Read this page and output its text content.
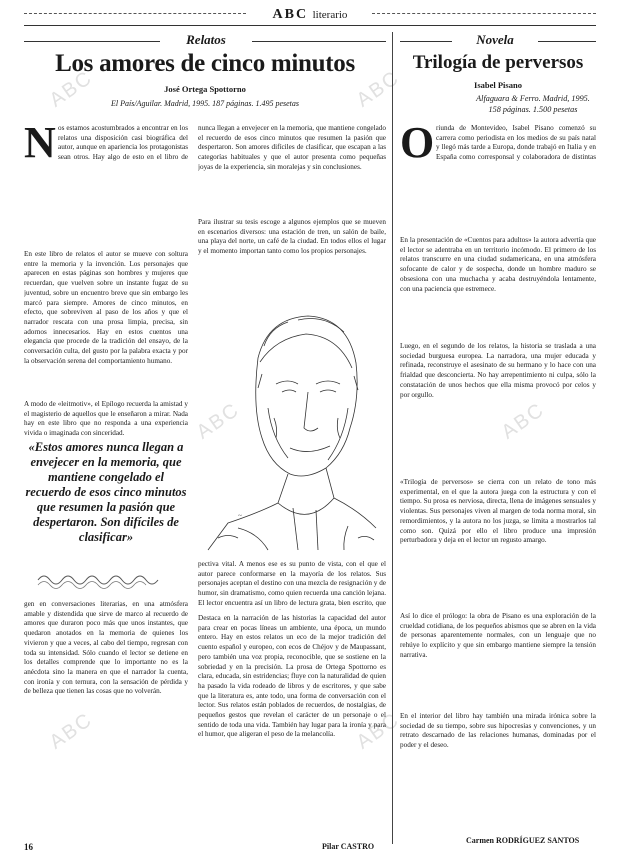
ABC	ABC
ABC	ABC
ABC	ABC
ABC literario
Relatos
Los amores de cinco minutos
José Ortega Spottorno
El País/Aguilar. Madrid, 1995. 187 páginas. 1.495 pesetas
N os estamos acostumbrados a encontrar en los relatos una disposición casi biográfica del autor, aunque en apariencia los protagonistas sean otros. Hay algo de esto en el libro de

En este libro de relatos el autor se mueve con soltura entre la memoria y la invención. Los personajes que aparecen en estas páginas son hombres y mujeres que recuerdan, que vuelven sobre un instante fugaz de su juventud, sobre un encuentro breve que sin embargo les marcó para siempre. Amores de cinco minutos, en efecto, que sobreviven al paso de los años y que el narrador rescata con una prosa limpia, precisa, sin adornos innecesarios. Hay en estos cuentos una elegancia que procede de la tradición del ensayo, de la conversación culta, del gusto por la palabra exacta y por la observación serena del comportamiento humano.

A modo de «leitmotiv», el Epílogo recuerda la amistad y el magisterio de aquellos que le enseñaron a mirar. Nada hay en este libro que no responda a una experiencia vivida o imaginada con sinceridad.

«Estos amores nunca llegan a envejecer en la memoria, que mantiene congelado el recuerdo de esos cinco minutos que resumen la pasión que despertaron. Son difíciles de clasificar»

gen en conversaciones literarias, en una atmósfera amable y distendida que sirve de marco al recuerdo de amores que duraron poco más que unos instantes, que quedaron anotados en la memoria de quienes los vivieron y que a veces, al cabo del tiempo, regresan con toda su intensidad. Sólo cuando el lector se detiene en los detalles comprende que lo importante no es la anécdota sino la manera en que el narrador la cuenta, con ironía y con ternura, con la sensación de pérdida y de belleza que tienen las cosas que no volverán.

nunca llegan a envejecer en la memoria, que mantiene congelado el recuerdo de esos cinco minutos que resumen la pasión que despertaron. Son amores difíciles de clasificar, que escapan a las categorías habituales y que el autor presenta como pequeñas joyas de la experiencia, sin moralejas y sin conclusiones.

Para ilustrar su tesis escoge a algunos ejemplos que se mueven en escenarios diversos: una estación de tren, un salón de baile, una playa del norte, un café de la ciudad. En todos ellos el lugar y el momento importan tanto como los propios personajes.

~

pectiva vital. A menos ese es su punto de vista, con el que el autor parece conformarse en la mayoría de los relatos. Sus personajes aceptan el destino con una mezcla de resignación y de humor, sin dramatismo, como quien recuerda una canción lejana. El lector encuentra así un libro de lectura grata, bien escrito, que

Destaca en la narración de las historias la capacidad del autor para crear en pocas líneas un ambiente, una época, un mundo entero. Hay en estos relatos un eco de la mejor tradición del cuento español y europeo, con ecos de Chéjov y de Maupassant, pero también una voz propia, reconocible, que se sostiene en la sobriedad y en la precisión. La prosa de Ortega Spottorno es clara, educada, sin estridencias; fluye con la naturalidad de quien ha pasado la vida rodeado de libros y de escritores, y que sabe que la literatura es, ante todo, una forma de conversación con el lector. Sus relatos están poblados de recuerdos, de nostalgias, de pequeños gestos que revelan el carácter de un personaje o el sentido de toda una vida. También hay lugar para la ironía y para el humor, que aligeran el peso de la melancolía.

Pilar CASTRO
16
Novela
Trilogía de perversos
Isabel Pisano
Alfaguara & Ferro. Madrid, 1995. 158 páginas. 1.500 pesetas
O riunda de Montevideo, Isabel Pisano comenzó su carrera como periodista en los medios de su país natal y llegó más tarde a Europa, donde trabajó en Italia y en España como corresponsal y colaboradora de distintas

En la presentación de «Cuentos para adultos» la autora advertía que el lector se adentraba en un territorio incómodo. El primero de los relatos transcurre en una ciudad sudamericana, en una atmósfera sofocante de calor y de sospecha, donde un hombre maduro se obsesiona con una muchacha y acaba destruyéndola lentamente, con una paciencia que estremece.

Luego, en el segundo de los relatos, la historia se traslada a una sociedad burguesa europea. La narradora, una mujer educada y refinada, reconstruye el asesinato de su hermano y lo hace con una frialdad que desconcierta. No hay arrepentimiento ni culpa, sólo la constatación de unos hechos que ella misma provocó por celos y por orgullo.

«Trilogía de perversos» se cierra con un relato de tono más experimental, en el que la autora juega con la estructura y con el tiempo. Su prosa es nerviosa, directa, llena de imágenes sensuales y violentas. Sus personajes viven al margen de toda norma moral, sin remordimientos, y la autora no los juzga, se limita a mostrarlos tal como son. Quizá por ello el libro produce una impresión perturbadora y deja en el lector un regusto amargo.

Así lo dice el prólogo: la obra de Pisano es una exploración de la crueldad cotidiana, de los pequeños abismos que se abren en la vida de personas aparentemente normales, con un lenguaje que no rehúye lo explícito y que sin embargo mantiene siempre la tensión narrativa.

En el interior del libro hay también una mirada irónica sobre la sociedad de su tiempo, sobre sus hipocresías y convenciones, y un retrato descarnado de las relaciones humanas, dominadas por el poder y el deseo.

Carmen RODRÍGUEZ SANTOS
